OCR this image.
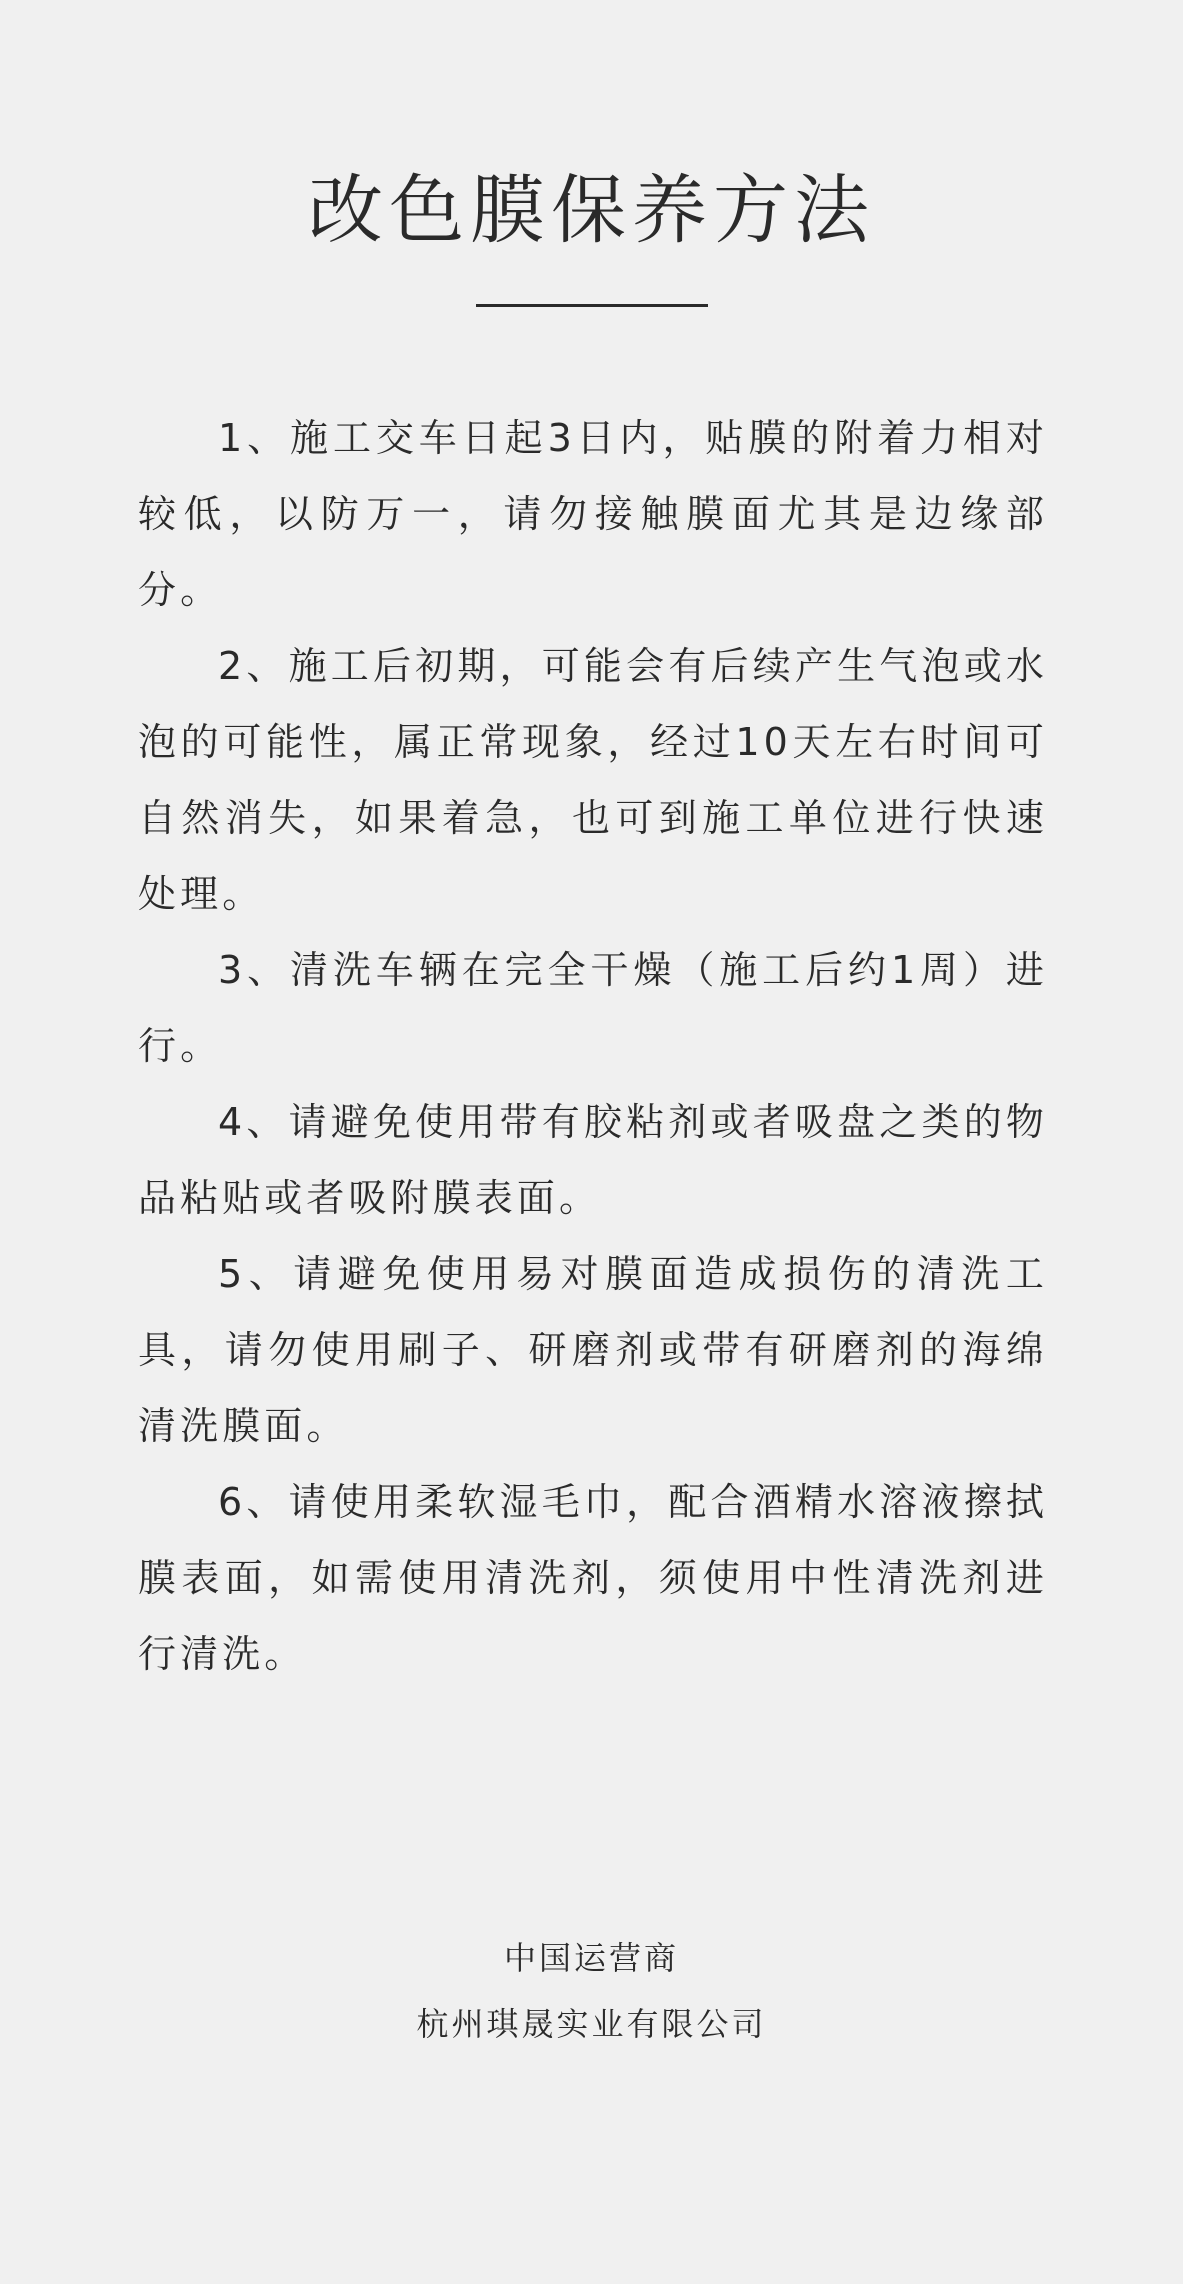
改色膜保养方法

1、施工交车日起3日内，贴膜的附着力相对较低，以防万一，请勿接触膜面尤其是边缘部分。

2、施工后初期，可能会有后续产生气泡或水泡的可能性，属正常现象，经过10天左右时间可自然消失，如果着急，也可到施工单位进行快速处理。

3、清洗车辆在完全干燥（施工后约1周）进行。

4、请避免使用带有胶粘剂或者吸盘之类的物品粘贴或者吸附膜表面。

5、请避免使用易对膜面造成损伤的清洗工具，请勿使用刷子、研磨剂或带有研磨剂的海绵清洗膜面。

6、请使用柔软湿毛巾，配合酒精水溶液擦拭膜表面，如需使用清洗剂，须使用中性清洗剂进行清洗。

中国运营商
杭州琪晟实业有限公司
